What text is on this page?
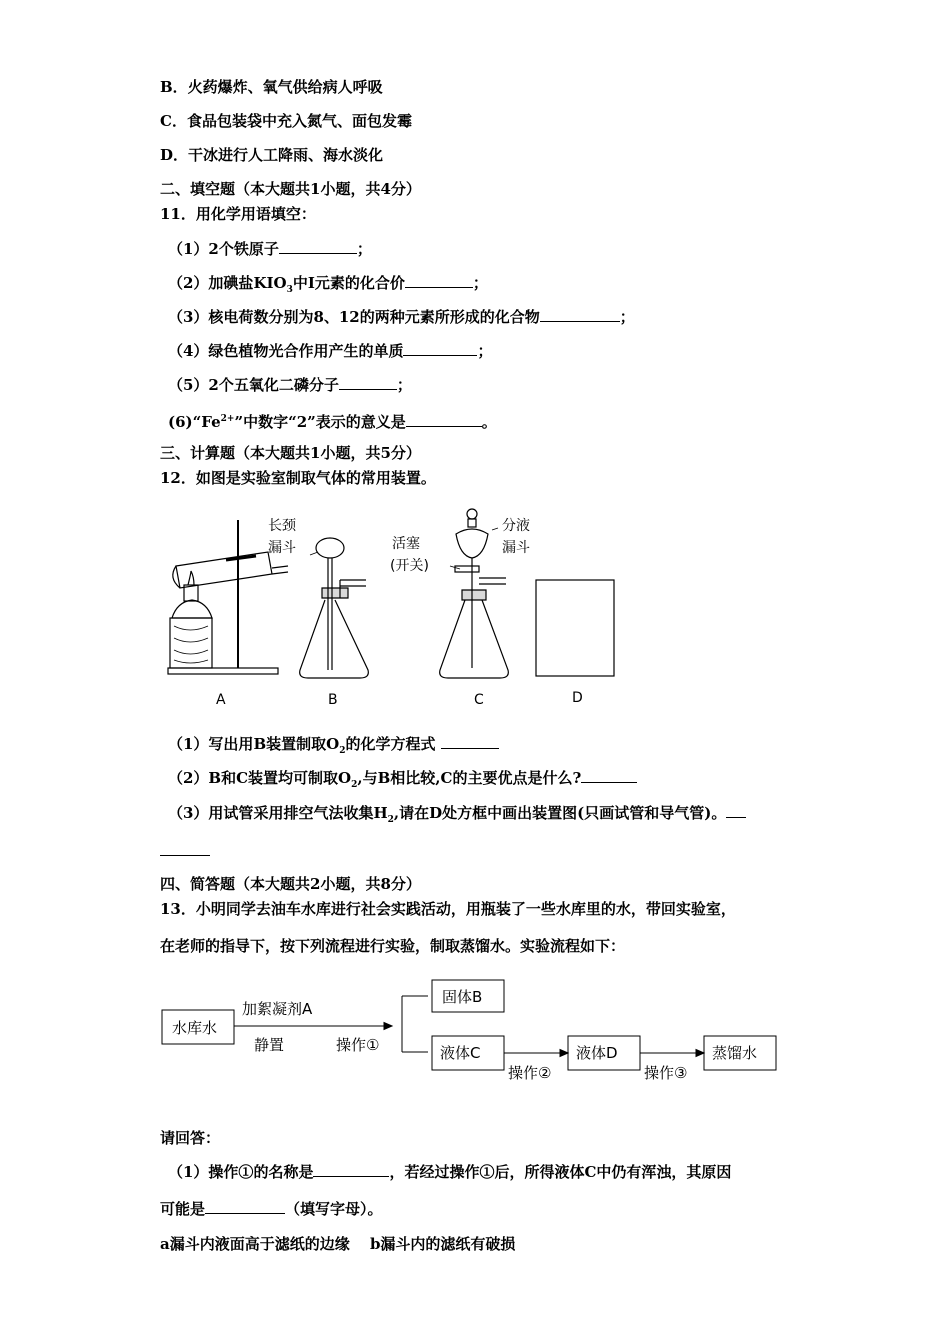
B．火药爆炸、氧气供给病人呼吸
C．食品包装袋中充入氮气、面包发霉
D．干冰进行人工降雨、海水淡化
二、填空题（本大题共1小题，共4分）
11．用化学用语填空：
（1）2个铁原子	；
（2）加碘盐$KIO_3$中I元素的化合价	；
（3）核电荷数分别为8、12的两种元素所形成的化合物	；
（4）绿色植物光合作用产生的单质	；
（5）2个五氧化二磷分子	；
$(6)“Fe^{2+}$”中数字“2”表示的意义是	。
三、计算题（本大题共1小题，共5分）
12．如图是实验室制取气体的常用装置。
A	B	C	D
长颈
漏斗	活塞
(开关)
分液
漏斗
（1）写出用B装置制取$O_2$的化学方程式
（2）B和C装置均可制取$O_2$,与B相比较,C的主要优点是什么?
（3）用试管采用排空气法收集$H_2$,请在D处方框中画出装置图(只画试管和导气管)。
四、简答题（本大题共2小题，共8分）
13．小明同学去油车水库进行社会实践活动，用瓶装了一些水库里的水，带回实验室，
在老师的指导下，按下列流程进行实验，制取蒸馏水。实验流程如下：
水库水
加絮凝剂A
静置	操作①
固体B
液体C
操作②
液体D
操作③
蒸馏水
请回答：
（1）操作①的名称是	，若经过操作①后，所得液体C中仍有浑浊，其原因
可能是	（填写字母）。
a漏斗内液面高于滤纸的边缘　 b漏斗内的滤纸有破损
